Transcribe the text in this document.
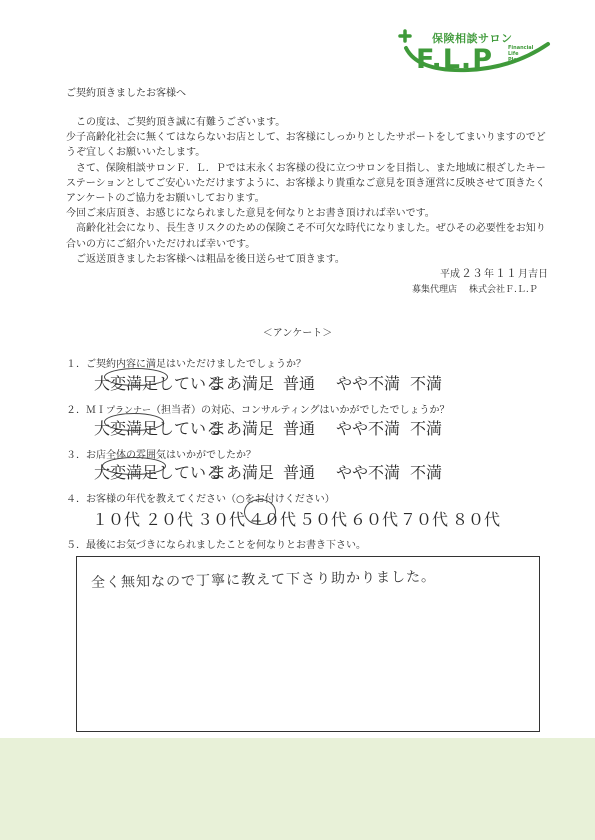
保険相談サロン
F.L.P	Financial
Life
Plan
ご契約頂きましたお客様へ

　この度は、ご契約頂き誠に有難うございます。

少子高齢化社会に無くてはならないお店として、お客様にしっかりとしたサポートをしてまいりますのでどうぞ宜しくお願いいたします。

　さて、保険相談サロンＦ．Ｌ．Ｐでは末永くお客様の役に立つサロンを目指し、また地域に根ざしたキーステーションとしてご安心いただけますように、お客様より貴重なご意見を頂き運営に反映させて頂きたくアンケートのご協力をお願いしております。

今回ご来店頂き、お感じになられました意見を何なりとお書き頂ければ幸いです。

　高齢化社会になり、長生きリスクのための保険こそ不可欠な時代になりました。ぜひその必要性をお知り合いの方にご紹介いただければ幸いです。

　ご返送頂きましたお客様へは粗品を後日送らせて頂きます。

平成２３年１１月吉日
募集代理店 株式会社Ｆ.Ｌ.Ｐ
＜アンケート＞
１．ご契約内容に満足はいただけましたでしょうか？
大変満足している
まあ満足 普通 やや不満 不満
２．ＭＩプランナー（担当者）の対応、コンサルティングはいかがでしたでしょうか？
大変満足している
まあ満足 普通 やや不満 不満
３．お店全体の雰囲気はいかがでしたか？
大変満足している
まあ満足 普通 やや不満 不満
４．お客様の年代を教えてください（○をお付けください）
１０代 ２０代 ３０代 ４０代 ５０代 ６０代 ７０代 ８０代
５．最後にお気づきになられましたことを何なりとお書き下さい。
全く無知なので丁寧に教えて下さり助かりました。
